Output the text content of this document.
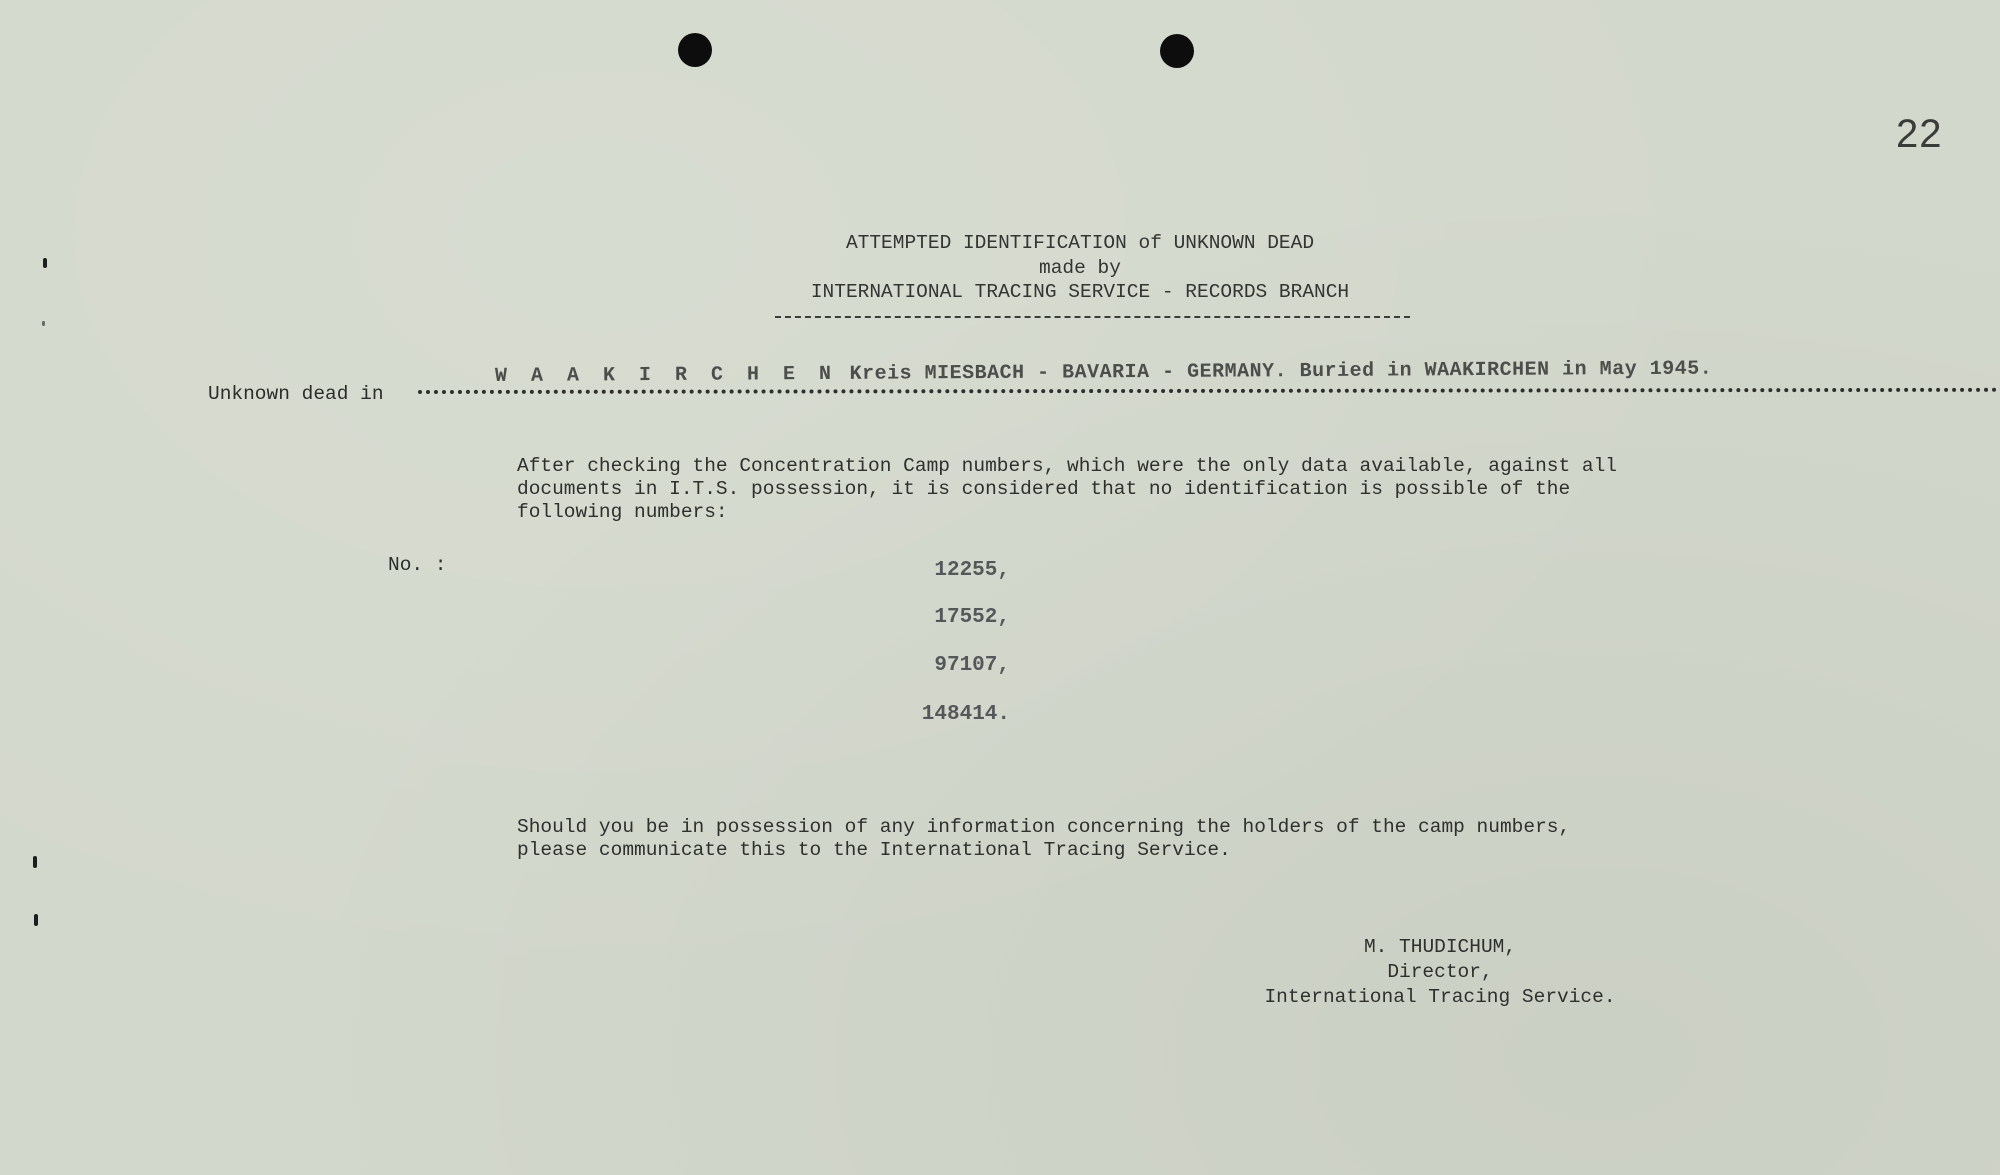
22
ATTEMPTED IDENTIFICATION of UNKNOWN DEAD
made by
INTERNATIONAL TRACING SERVICE - RECORDS BRANCH
Unknown dead in
W A A K I R C H E N Kreis MIESBACH - BAVARIA - GERMANY. Buried in WAAKIRCHEN in May 1945.
After checking the Concentration Camp numbers, which were the only data available, against all
documents in I.T.S. possession, it is considered that no identification is possible of the
following numbers:
No. :	12255,
17552,
97107,
148414.
Should you be in possession of any information concerning the holders of the camp numbers,
please communicate this to the International Tracing Service.
M. THUDICHUM,
Director,
International Tracing Service.
